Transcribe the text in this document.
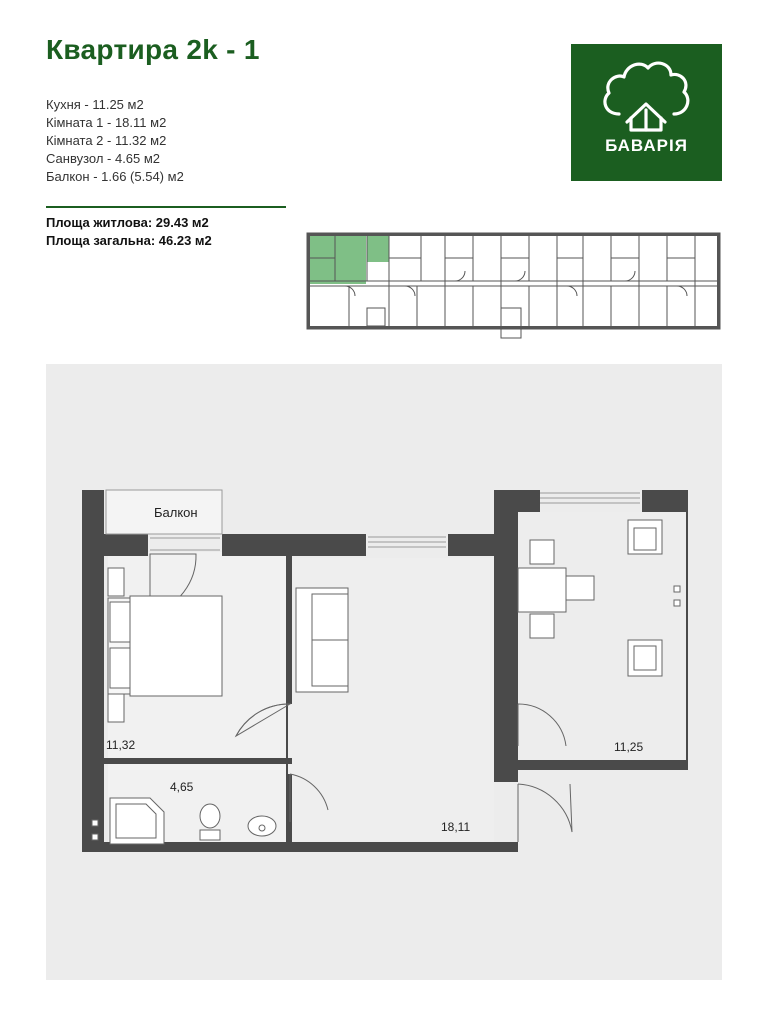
Квартира 2k - 1
Кухня - 11.25 м2
Кімната 1 - 18.11 м2
Кімната 2 - 11.32 м2
Санвузол - 4.65 м2
Балкон - 1.66 (5.54) м2
Площа житлова: 29.43 м2
Площа загальна: 46.23 м2
БАВАРІЯ
Балкон
11,32
4,65
18,11
11,25
